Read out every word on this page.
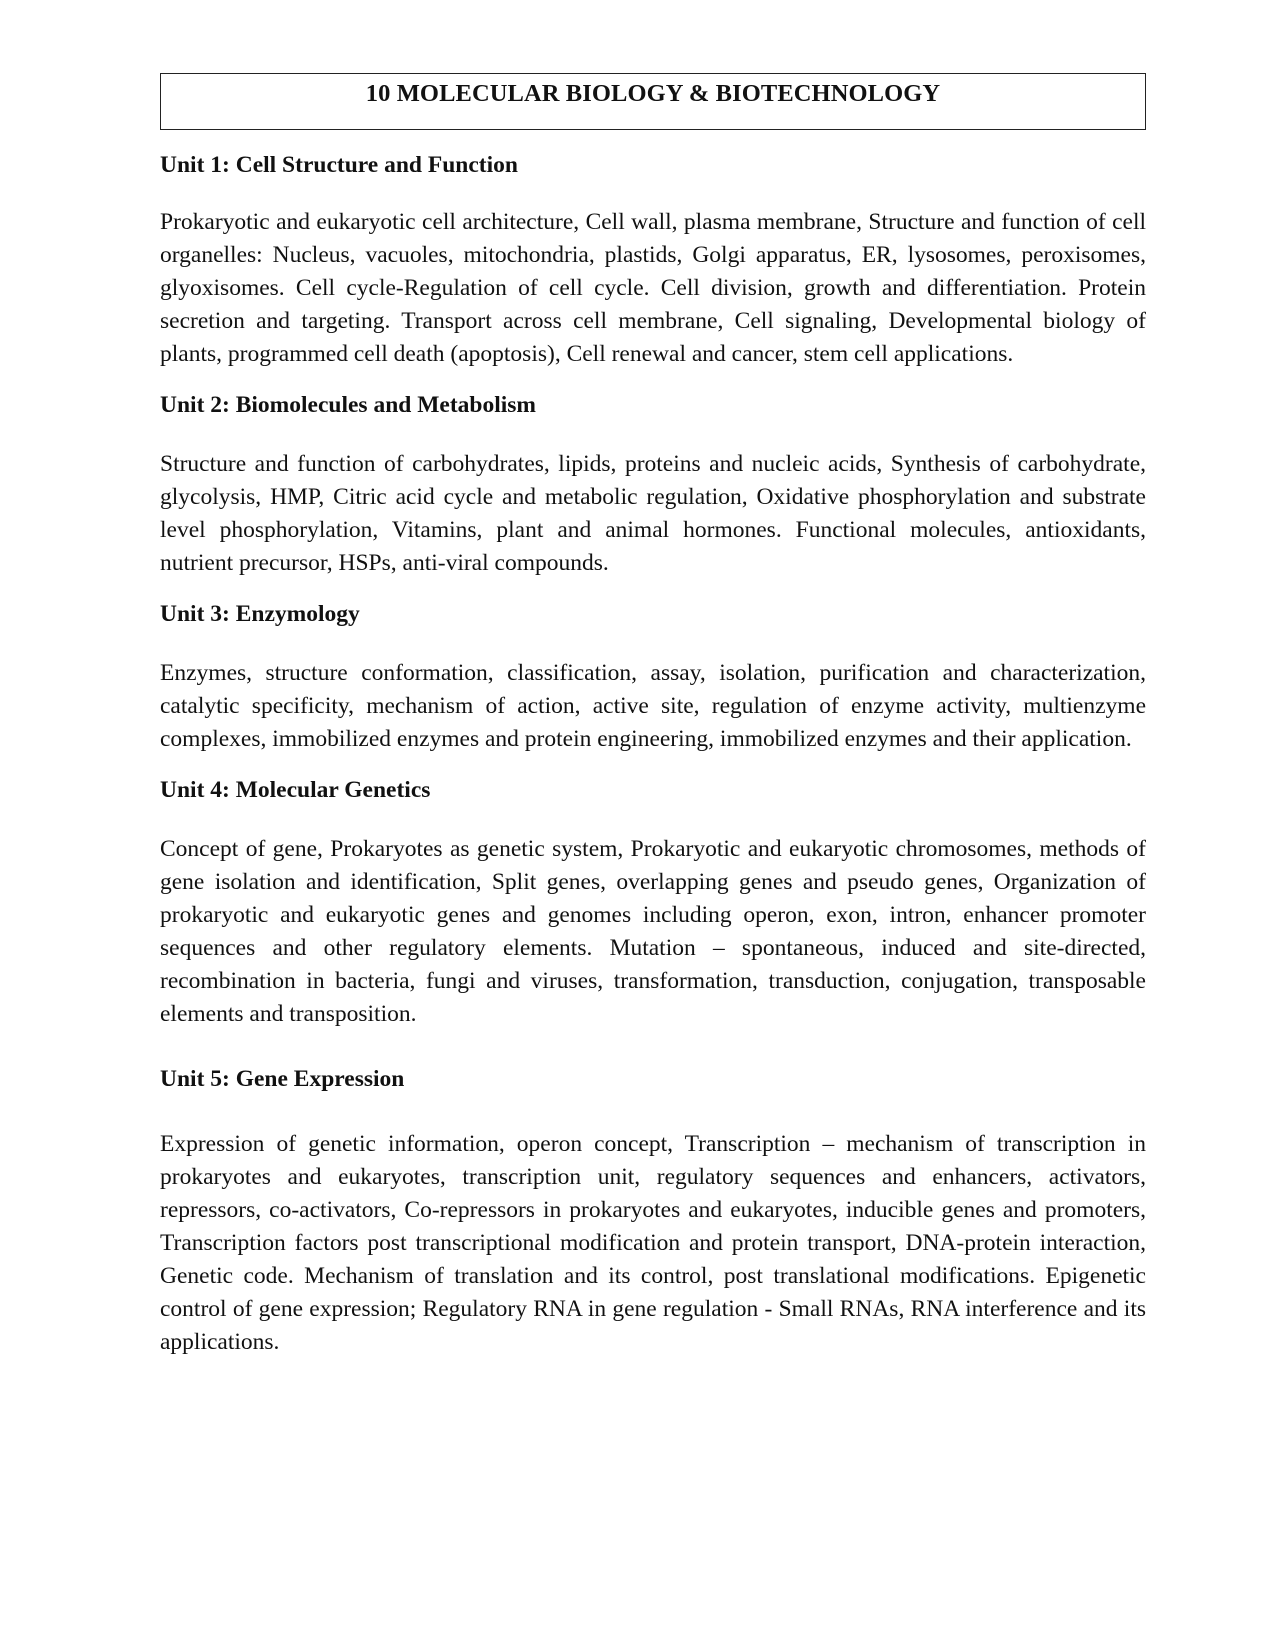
10 MOLECULAR BIOLOGY & BIOTECHNOLOGY
Unit 1: Cell Structure and Function

Prokaryotic and eukaryotic cell architecture, Cell wall, plasma membrane, Structure and function of cell organelles: Nucleus, vacuoles, mitochondria, plastids, Golgi apparatus, ER, lysosomes, peroxisomes, glyoxisomes. Cell cycle-Regulation of cell cycle. Cell division, growth and differentiation. Protein secretion and targeting. Transport across cell membrane, Cell signaling, Developmental biology of plants, programmed cell death (apoptosis), Cell renewal and cancer, stem cell applications.

Unit 2: Biomolecules and Metabolism

Structure and function of carbohydrates, lipids, proteins and nucleic acids, Synthesis of carbohydrate, glycolysis, HMP, Citric acid cycle and metabolic regulation, Oxidative phosphorylation and substrate level phosphorylation, Vitamins, plant and animal hormones. Functional molecules, antioxidants, nutrient precursor, HSPs, anti-viral compounds.

Unit 3: Enzymology

Enzymes, structure conformation, classification, assay, isolation, purification and characterization, catalytic specificity, mechanism of action, active site, regulation of enzyme activity, multienzyme complexes, immobilized enzymes and protein engineering, immobilized enzymes and their application.

Unit 4: Molecular Genetics

Concept of gene, Prokaryotes as genetic system, Prokaryotic and eukaryotic chromosomes, methods of gene isolation and identification, Split genes, overlapping genes and pseudo genes, Organization of prokaryotic and eukaryotic genes and genomes including operon, exon, intron, enhancer promoter sequences and other regulatory elements. Mutation – spontaneous, induced and site-directed, recombination in bacteria, fungi and viruses, transformation, transduction, conjugation, transposable elements and transposition.

Unit 5: Gene Expression

Expression of genetic information, operon concept, Transcription – mechanism of transcription in prokaryotes and eukaryotes, transcription unit, regulatory sequences and enhancers, activators, repressors, co-activators, Co-repressors in prokaryotes and eukaryotes, inducible genes and promoters, Transcription factors post transcriptional modification and protein transport, DNA-protein interaction, Genetic code. Mechanism of translation and its control, post translational modifications. Epigenetic control of gene expression; Regulatory RNA in gene regulation - Small RNAs, RNA interference and its applications.
